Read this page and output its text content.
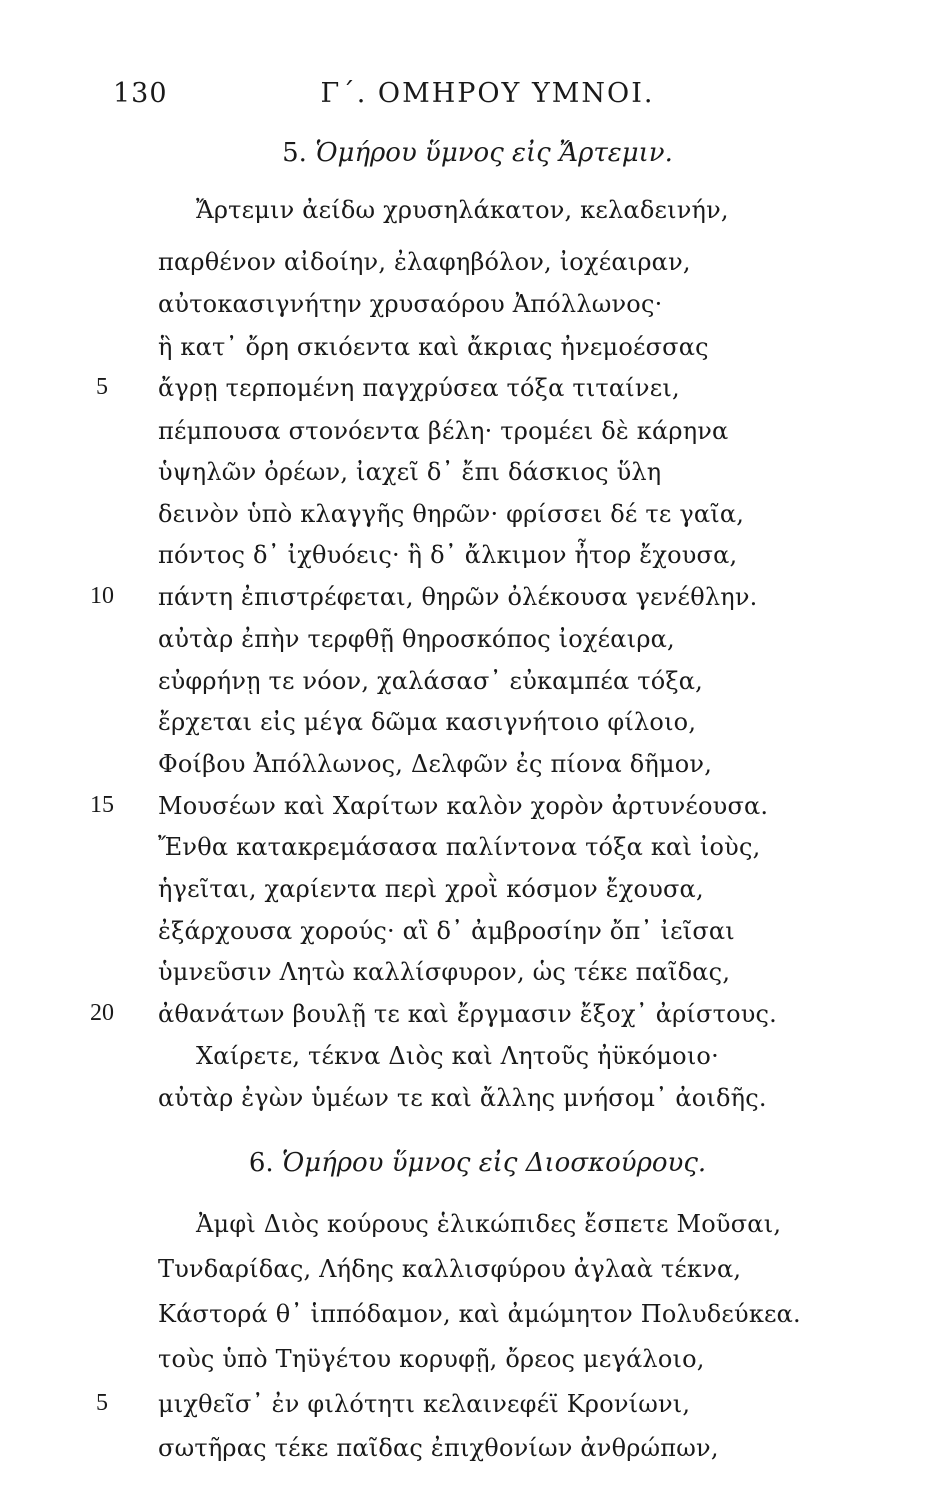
130	Γ΄. ΟΜΗΡΟΥ ΥΜΝΟΙ.
5. Ὁμήρου ὕμνος εἰς Ἄρτεμιν.
Ἄρτεμιν ἀείδω χρυσηλάκατον, κελαδεινήν,
παρθένον αἰδοίην, ἐλαφηβόλον, ἰοχέαιραν,
αὐτοκασιγνήτην χρυσαόρου Ἀπόλλωνος·
ἣ κατ᾽ ὄρη σκιόεντα καὶ ἄκριας ἠνεμοέσσας
ἄγρῃ τερπομένη παγχρύσεα τόξα τιταίνει,
πέμπουσα στονόεντα βέλη· τρομέει δὲ κάρηνα
ὑψηλῶν ὀρέων, ἰαχεῖ δ᾽ ἔπι δάσκιος ὕλη
δεινὸν ὑπὸ κλαγγῆς θηρῶν· φρίσσει δέ τε γαῖα,
πόντος δ᾽ ἰχθυόεις· ἣ δ᾽ ἄλκιμον ἦτορ ἔχουσα,
πάντη ἐπιστρέφεται, θηρῶν ὀλέκουσα γενέθλην.
αὐτὰρ ἐπὴν τερφθῇ θηροσκόπος ἰοχέαιρα,
εὐφρήνῃ τε νόον, χαλάσασ᾽ εὐκαμπέα τόξα,
ἔρχεται εἰς μέγα δῶμα κασιγνήτοιο φίλοιο,
Φοίβου Ἀπόλλωνος, Δελφῶν ἐς πίονα δῆμον,
Μουσέων καὶ Χαρίτων καλὸν χορὸν ἀρτυνέουσα.
Ἔνθα κατακρεμάσασα παλίντονα τόξα καὶ ἰοὺς,
ἡγεῖται, χαρίεντα περὶ χροῒ κόσμον ἔχουσα,
ἐξάρχουσα χορούς· αἳ δ᾽ ἀμβροσίην ὄπ᾽ ἰεῖσαι
ὑμνεῦσιν Λητὼ καλλίσφυρον, ὡς τέκε παῖδας,
ἀθανάτων βουλῇ τε καὶ ἔργμασιν ἔξοχ᾽ ἀρίστους.
Χαίρετε, τέκνα Διὸς καὶ Λητοῦς ἠϋκόμοιο·
αὐτὰρ ἐγὼν ὑμέων τε καὶ ἄλλης μνήσομ᾽ ἀοιδῆς.
5
10
15
20
6. Ὁμήρου ὕμνος εἰς Διοσκούρους.
Ἀμφὶ Διὸς κούρους ἑλικώπιδες ἔσπετε Μοῦσαι,
Τυνδαρίδας, Λήδης καλλισφύρου ἀγλαὰ τέκνα,
Κάστορά θ᾽ ἱππόδαμον, καὶ ἀμώμητον Πολυδεύκεα.
τοὺς ὑπὸ Τηϋγέτου κορυφῇ, ὄρεος μεγάλοιο,
μιχθεῖσ᾽ ἐν φιλότητι κελαινεφέϊ Κρονίωνι,
σωτῆρας τέκε παῖδας ἐπιχθονίων ἀνθρώπων,
5
